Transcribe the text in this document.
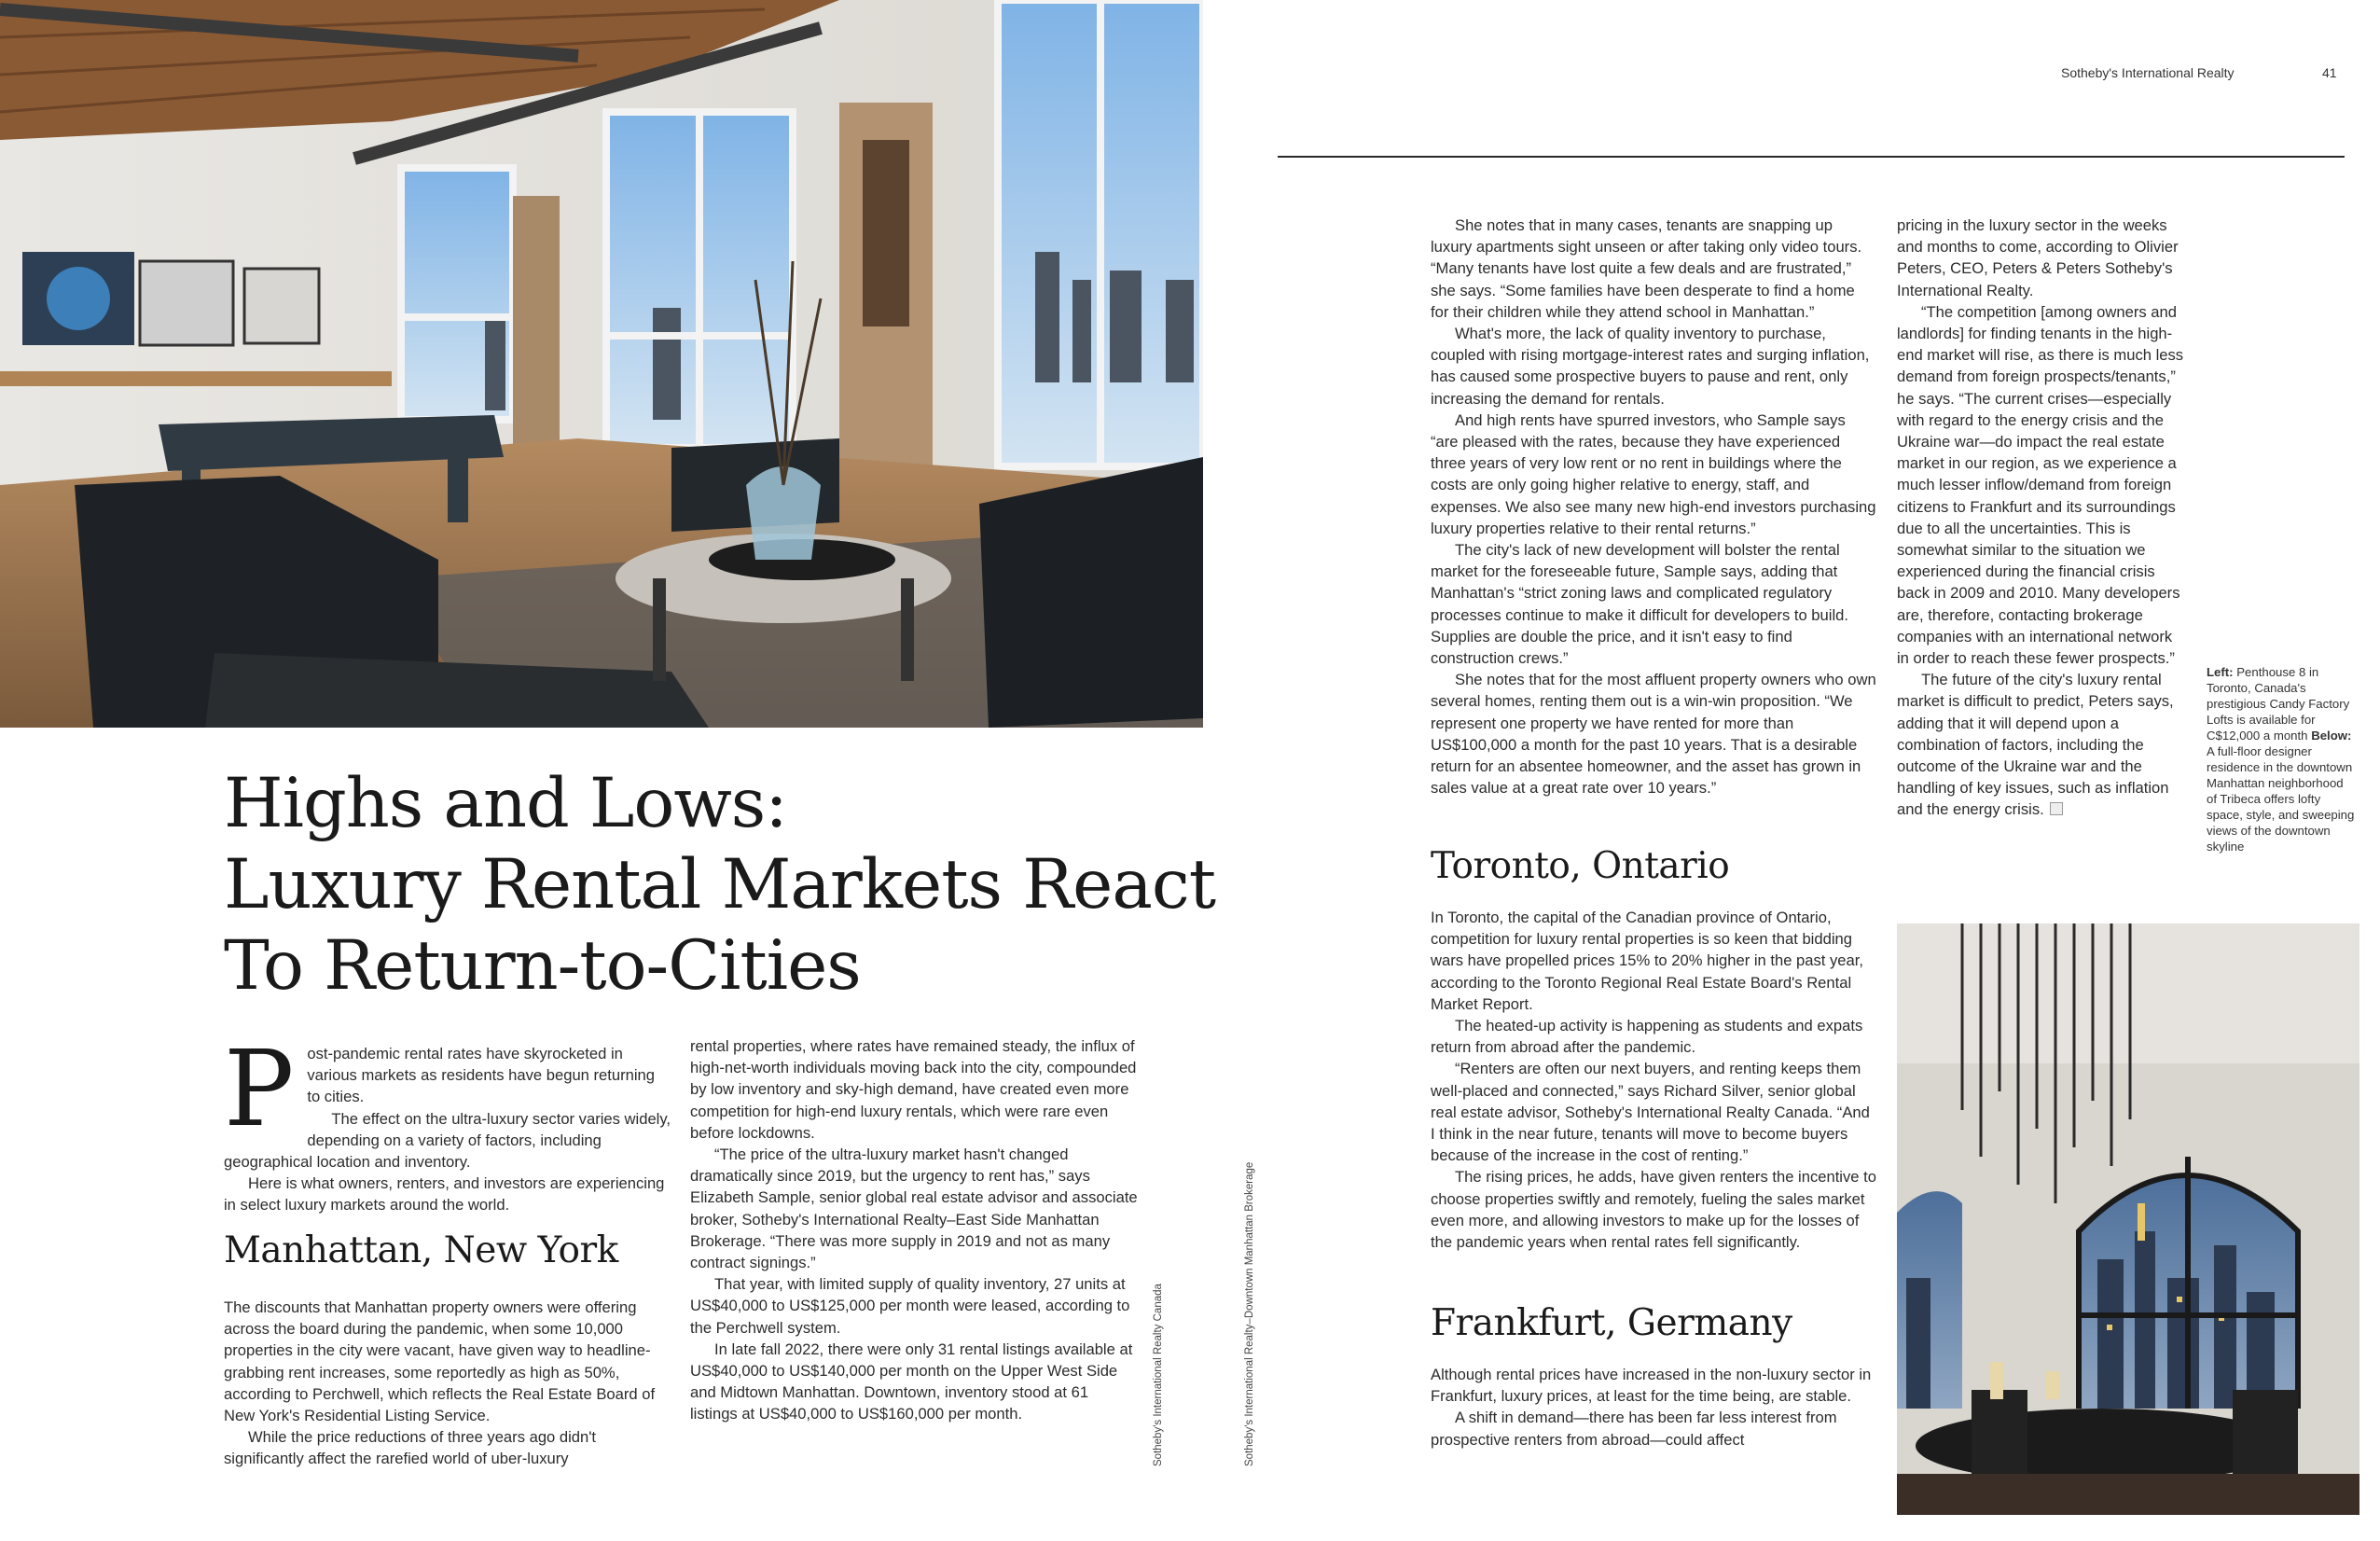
Sotheby's International Realty	41
Highs and Lows:
Luxury Rental Markets React
To Return-to-Cities
P ost-pandemic rental rates have skyrocketed in various markets as residents have begun returning to cities.

The effect on the ultra-luxury sector varies widely, depending on a variety of factors, including geographical location and inventory.

Here is what owners, renters, and investors are experiencing in select luxury markets around the world.

Manhattan, New York

The discounts that Manhattan property owners were offering across the board during the pandemic, when some 10,000 properties in the city were vacant, have given way to headline-grabbing rent increases, some reportedly as high as 50%, according to Perchwell, which reflects the Real Estate Board of New York's Residential Listing Service.

While the price reductions of three years ago didn't significantly affect the rarefied world of uber-luxury

rental properties, where rates have remained steady, the influx of high-net-worth individuals moving back into the city, compounded by low inventory and sky-high demand, have created even more competition for high-end luxury rentals, which were rare even before lockdowns.

“The price of the ultra-luxury market hasn't changed dramatically since 2019, but the urgency to rent has,” says Elizabeth Sample, senior global real estate advisor and associate broker, Sotheby's International Realty–East Side Manhattan Brokerage. “There was more supply in 2019 and not as many contract signings.”

That year, with limited supply of quality inventory, 27 units at US$40,000 to US$125,000 per month were leased, according to the Perchwell system.

In late fall 2022, there were only 31 rental listings available at US$40,000 to US$140,000 per month on the Upper West Side and Midtown Manhattan. Downtown, inventory stood at 61 listings at US$40,000 to US$160,000 per month.	Sotheby's International Realty Canada	Sotheby's International Realty–Downtown Manhattan Brokerage

She notes that in many cases, tenants are snapping up luxury apartments sight unseen or after taking only video tours. “Many tenants have lost quite a few deals and are frustrated,” she says. “Some families have been desperate to find a home for their children while they attend school in Manhattan.”

What's more, the lack of quality inventory to purchase, coupled with rising mortgage-interest rates and surging inflation, has caused some prospective buyers to pause and rent, only increasing the demand for rentals.

And high rents have spurred investors, who Sample says “are pleased with the rates, because they have experienced three years of very low rent or no rent in buildings where the costs are only going higher relative to energy, staff, and expenses. We also see many new high-end investors purchasing luxury properties relative to their rental returns.”

The city's lack of new development will bolster the rental market for the foreseeable future, Sample says, adding that Manhattan's “strict zoning laws and complicated regulatory processes continue to make it difficult for developers to build. Supplies are double the price, and it isn't easy to find construction crews.”

She notes that for the most affluent property owners who own several homes, renting them out is a win-win proposition. “We represent one property we have rented for more than US$100,000 a month for the past 10 years. That is a desirable return for an absentee homeowner, and the asset has grown in sales value at a great rate over 10 years.”

Toronto, Ontario

In Toronto, the capital of the Canadian province of Ontario, competition for luxury rental properties is so keen that bidding wars have propelled prices 15% to 20% higher in the past year, according to the Toronto Regional Real Estate Board's Rental Market Report.

The heated-up activity is happening as students and expats return from abroad after the pandemic.

“Renters are often our next buyers, and renting keeps them well-placed and connected,” says Richard Silver, senior global real estate advisor, Sotheby's International Realty Canada. “And I think in the near future, tenants will move to become buyers because of the increase in the cost of renting.”

The rising prices, he adds, have given renters the incentive to choose properties swiftly and remotely, fueling the sales market even more, and allowing investors to make up for the losses of the pandemic years when rental rates fell significantly.

Frankfurt, Germany

Although rental prices have increased in the non-luxury sector in Frankfurt, luxury prices, at least for the time being, are stable.

A shift in demand—there has been far less interest from prospective renters from abroad—could affect

pricing in the luxury sector in the weeks and months to come, according to Olivier Peters, CEO, Peters & Peters Sotheby's International Realty.

“The competition [among owners and landlords] for finding tenants in the high-end market will rise, as there is much less demand from foreign prospects/tenants,” he says. “The current crises—especially with regard to the energy crisis and the Ukraine war—do impact the real estate market in our region, as we experience a much lesser inflow/demand from foreign citizens to Frankfurt and its surroundings due to all the uncertainties. This is somewhat similar to the situation we experienced during the financial crisis back in 2009 and 2010. Many developers are, therefore, contacting brokerage companies with an international network in order to reach these fewer prospects.”

The future of the city's luxury rental market is difficult to predict, Peters says, adding that it will depend upon a combination of factors, including the outcome of the Ukraine war and the handling of key issues, such as inflation and the energy crisis.

Left: Penthouse 8 in Toronto, Canada's prestigious Candy Factory Lofts is available for C$12,000 a month Below: A full-floor designer residence in the downtown Manhattan neighborhood of Tribeca offers lofty space, style, and sweeping views of the downtown skyline
